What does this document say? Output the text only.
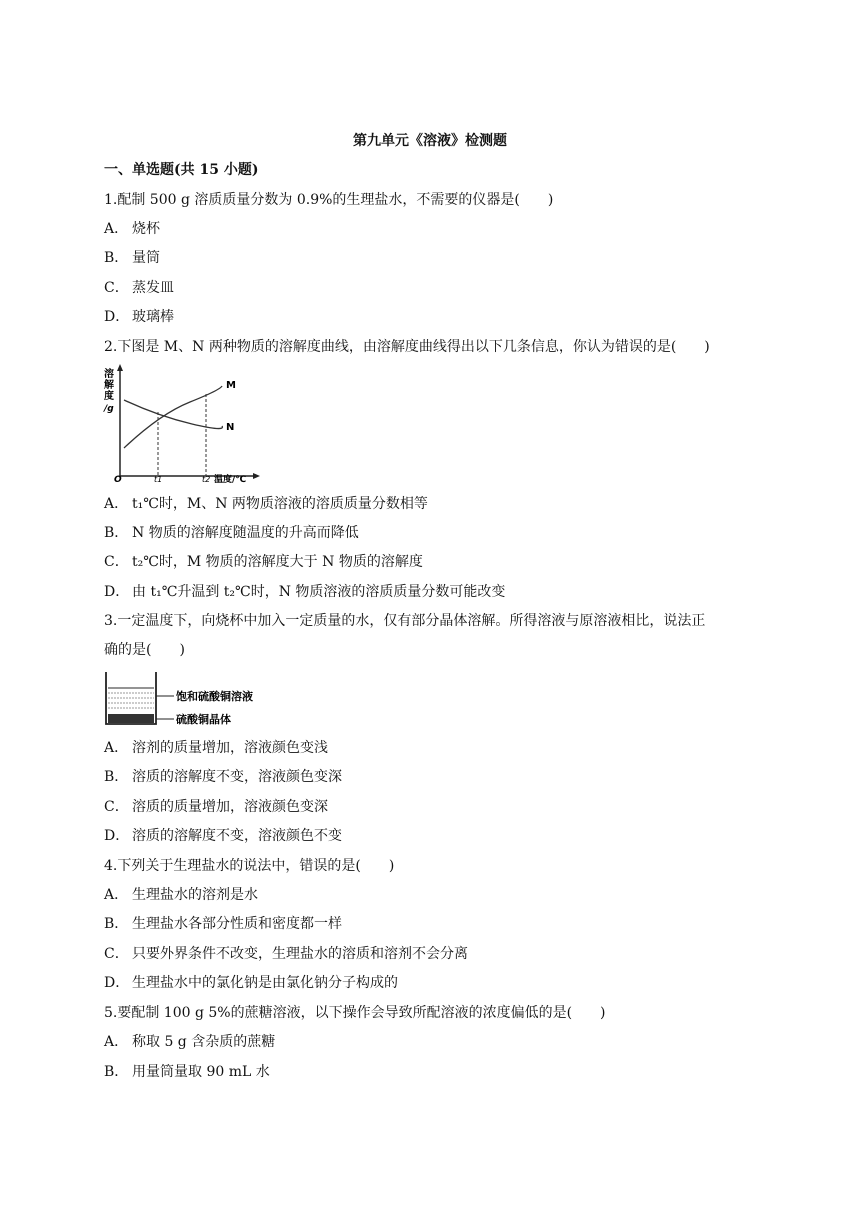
第九单元《溶液》检测题
一、单选题(共 15 小题)
1.配制 500 g 溶质质量分数为 0.9%的生理盐水，不需要的仪器是(　　)
A． 烧杯
B． 量筒
C． 蒸发皿
D． 玻璃棒
2.下图是 M、N 两种物质的溶解度曲线，由溶解度曲线得出以下几条信息，你认为错误的是(　　)
溶
解
度
/g
M
N
O	t1	t2 温度/℃
A． t₁℃时，M、N 两物质溶液的溶质质量分数相等
B． N 物质的溶解度随温度的升高而降低
C． t₂℃时，M 物质的溶解度大于 N 物质的溶解度
D． 由 t₁℃升温到 t₂℃时，N 物质溶液的溶质质量分数可能改变
3.一定温度下，向烧杯中加入一定质量的水，仅有部分晶体溶解。所得溶液与原溶液相比，说法正
确的是(　　)
饱和硫酸铜溶液
硫酸铜晶体
A． 溶剂的质量增加，溶液颜色变浅
B． 溶质的溶解度不变，溶液颜色变深
C． 溶质的质量增加，溶液颜色变深
D． 溶质的溶解度不变，溶液颜色不变
4.下列关于生理盐水的说法中，错误的是(　　)
A． 生理盐水的溶剂是水
B． 生理盐水各部分性质和密度都一样
C． 只要外界条件不改变，生理盐水的溶质和溶剂不会分离
D． 生理盐水中的氯化钠是由氯化钠分子构成的
5.要配制 100 g 5%的蔗糖溶液，以下操作会导致所配溶液的浓度偏低的是(　　)
A． 称取 5 g 含杂质的蔗糖
B． 用量筒量取 90 mL 水
